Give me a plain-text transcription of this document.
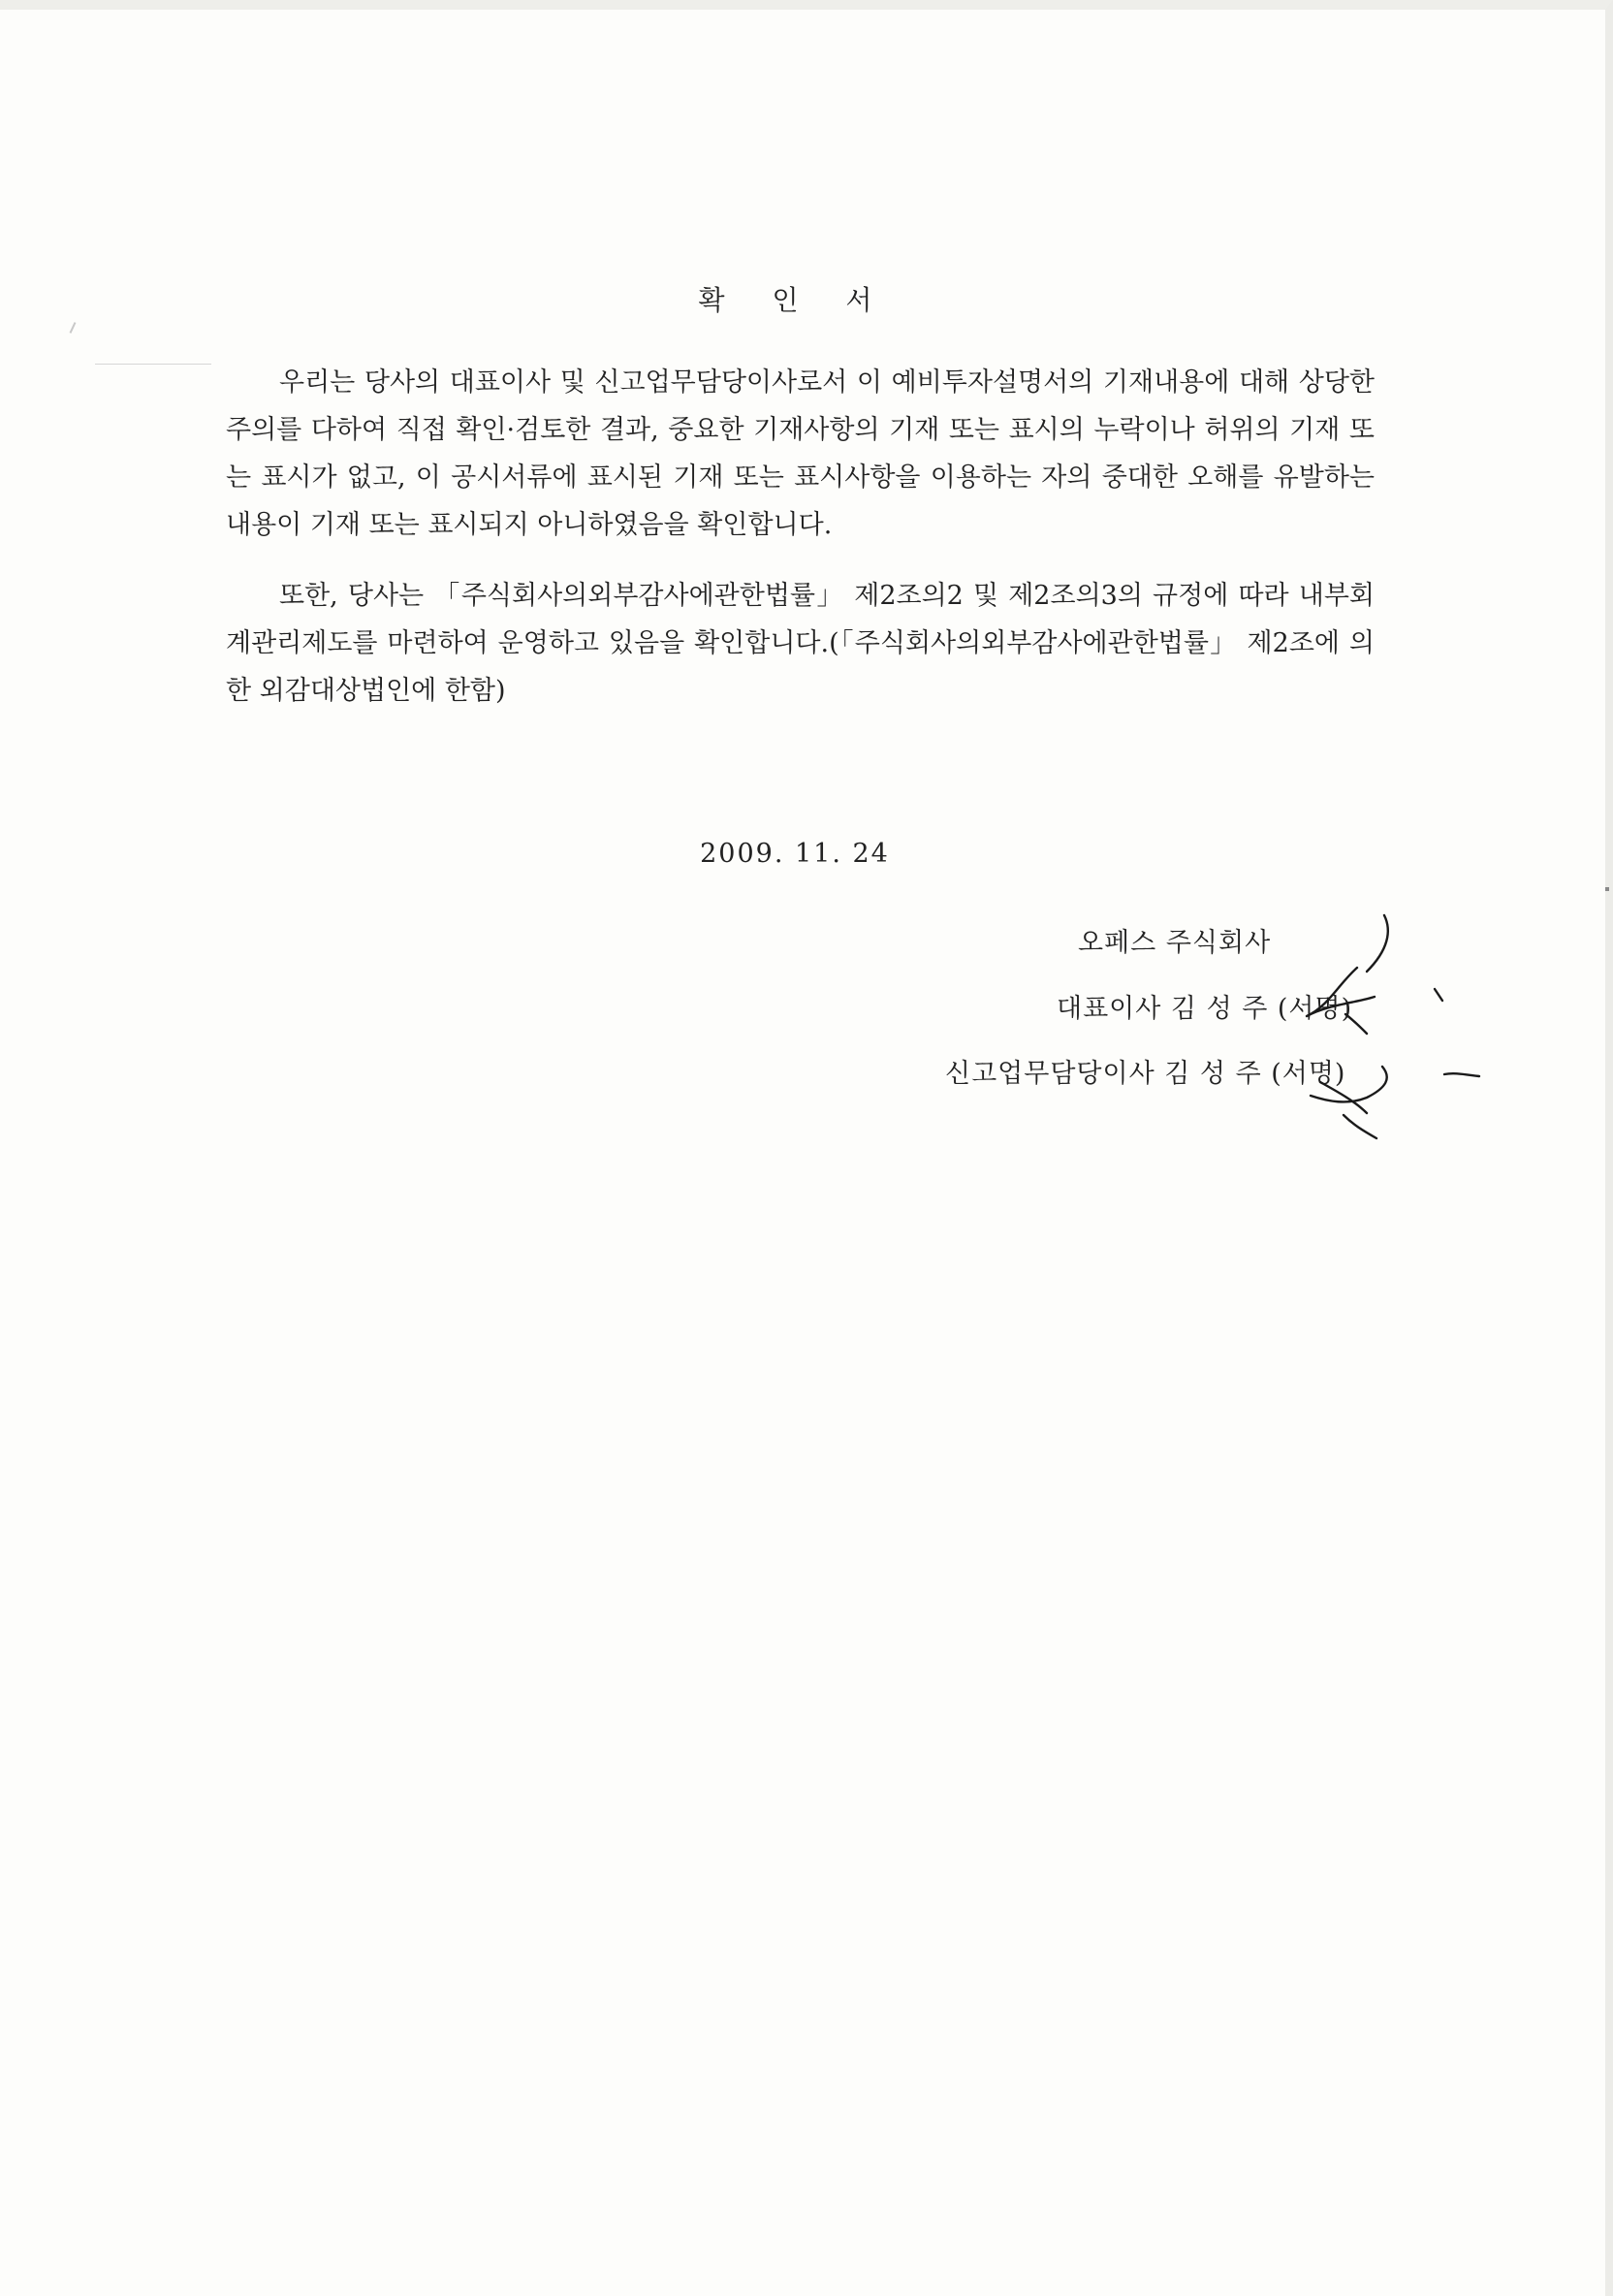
확 인 서

우리는 당사의 대표이사 및 신고업무담당이사로서 이 예비투자설명서의 기재내용에 대해 상당한 주의를 다하여 직접 확인·검토한 결과, 중요한 기재사항의 기재 또는 표시의 누락이나 허위의 기재 또는 표시가 없고, 이 공시서류에 표시된 기재 또는 표시사항을 이용하는 자의 중대한 오해를 유발하는 내용이 기재 또는 표시되지 아니하였음을 확인합니다.

또한, 당사는 「주식회사의외부감사에관한법률」 제2조의2 및 제2조의3의 규정에 따라 내부회계관리제도를 마련하여 운영하고 있음을 확인합니다.(「주식회사의외부감사에관한법률」 제2조에 의한 외감대상법인에 한함)

2009. 11. 24
오페스 주식회사
대표이사 김 성 주 (서명)
신고업무담당이사 김 성 주 (서명)
